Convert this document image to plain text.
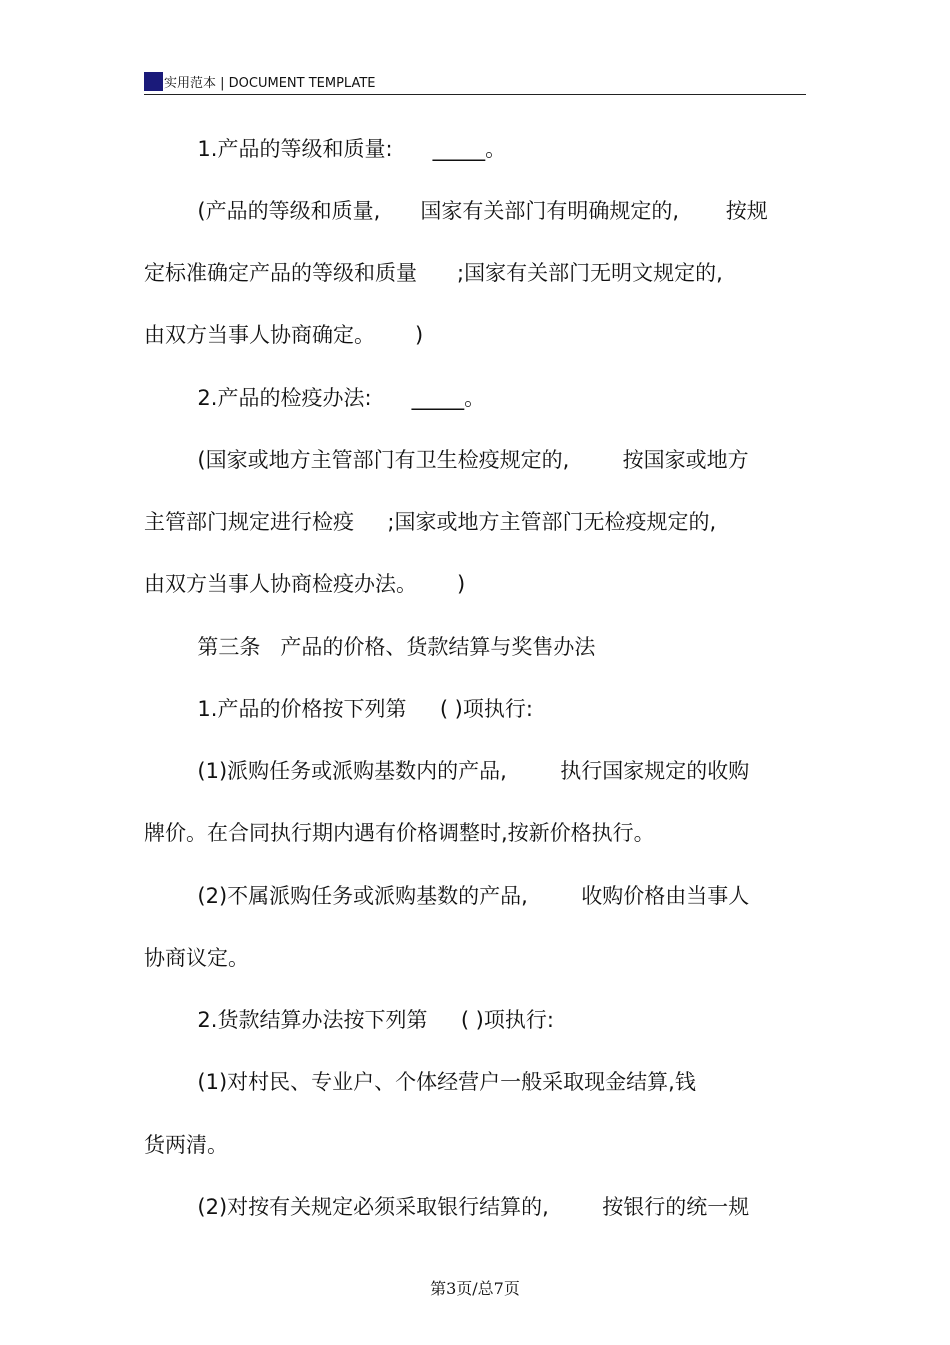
实用范本 | DOCUMENT TEMPLATE
1.产品的等级和质量:      _____。
(产品的等级和质量,      国家有关部门有明确规定的,       按规
定标准确定产品的等级和质量      ;国家有关部门无明文规定的,
由双方当事人协商确定。      )
2.产品的检疫办法:      _____。
(国家或地方主管部门有卫生检疫规定的,        按国家或地方
主管部门规定进行检疫     ;国家或地方主管部门无检疫规定的,
由双方当事人协商检疫办法。      )
第三条   产品的价格、货款结算与奖售办法
1.产品的价格按下列第     ( )项执行:
(1)派购任务或派购基数内的产品,        执行国家规定的收购
牌价。在合同执行期内遇有价格调整时,按新价格执行。
(2)不属派购任务或派购基数的产品,        收购价格由当事人
协商议定。
2.货款结算办法按下列第     ( )项执行:
(1)对村民、专业户、个体经营户一般采取现金结算,钱
货两清。
(2)对按有关规定必须采取银行结算的,        按银行的统一规
第3页/总7页
